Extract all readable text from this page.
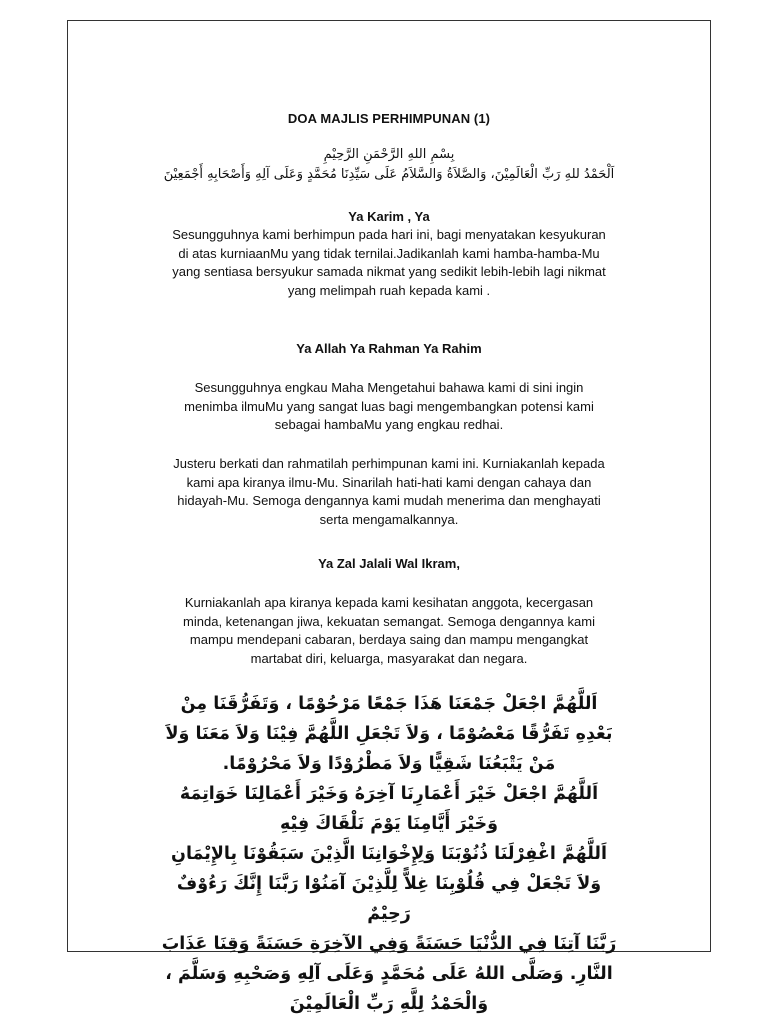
DOA MAJLIS PERHIMPUNAN (1)
بِسْمِ اللهِ الرَّحْمَنِ الرَّحِيْمِ
اَلْحَمْدُ للهِ رَبِّ الْعَالَمِيْنَ، وَالصَّلاَةُ وَالسَّلاَمُ عَلَى سَيِّدِنَا مُحَمَّدٍ وَعَلَى آلِهِ وَأَصْحَابِهِ أَجْمَعِيْنَ
Ya Karim , Ya
Sesungguhnya kami berhimpun pada hari ini, bagi menyatakan kesyukuran di atas kurniaanMu yang tidak ternilai.Jadikanlah kami hamba-hamba-Mu yang sentiasa bersyukur samada nikmat yang sedikit lebih-lebih lagi nikmat yang melimpah ruah kepada kami .
Ya Allah Ya Rahman Ya Rahim
Sesungguhnya engkau Maha Mengetahui bahawa kami di sini ingin menimba ilmuMu yang sangat luas bagi mengembangkan potensi kami sebagai hambaMu yang engkau redhai.
Justeru berkati dan rahmatilah perhimpunan kami ini. Kurniakanlah kepada kami apa kiranya ilmu-Mu. Sinarilah hati-hati kami dengan cahaya dan hidayah-Mu. Semoga dengannya kami mudah menerima dan menghayati serta mengamalkannya.
Ya Zal Jalali Wal Ikram,
Kurniakanlah apa kiranya kepada kami kesihatan anggota, kecergasan minda, ketenangan jiwa, kekuatan semangat. Semoga dengannya kami mampu mendepani cabaran, berdaya saing dan mampu mengangkat martabat diri, keluarga, masyarakat dan negara.

اَللَّهُمَّ اجْعَلْ جَمْعَنَا هَذَا جَمْعًا مَرْحُوْمًا ، وَتَفَرُّقَنَا مِنْ بَعْدِهِ تَفَرُّقًا مَعْصُوْمًا ، وَلاَ تَجْعَلِ اللَّهُمَّ فِيْنَا وَلاَ مَعَنَا وَلاَ مَنْ يَتْبَعُنَا شَقِيًّا وَلاَ مَطْرُوْدًا وَلاَ مَحْرُوْمًا.

اَللَّهُمَّ اجْعَلْ خَيْرَ أَعْمَارِنَا آخِرَهُ وَخَيْرَ أَعْمَالِنَا خَوَاتِمَهُ وَخَيْرَ أَيَّامِنَا يَوْمَ نَلْقَاكَ فِيْهِ

اَللَّهُمَّ اغْفِرْلَنَا ذُنُوْبَنَا وَلِإِخْوَانِنَا الَّذِيْنَ سَبَقُوْنَا بِالإِيْمَانِ وَلاَ تَجْعَلْ فِي قُلُوْبِنَا غِلاًّ لِلَّذِيْنَ آمَنُوْا رَبَّنَا إِنَّكَ رَءُوْفٌ رَحِيْمٌ

رَبَّنَا آتِنَا فِي الدُّنْيَا حَسَنَةً وَفِي الآخِرَةِ حَسَنَةً وَقِنَا عَذَابَ النَّارِ. وَصَلَّى اللهُ عَلَى مُحَمَّدٍ وَعَلَى آلِهِ وَصَحْبِهِ وَسَلَّمَ ، وَالْحَمْدُ لِلَّهِ رَبِّ الْعَالَمِيْنَ
